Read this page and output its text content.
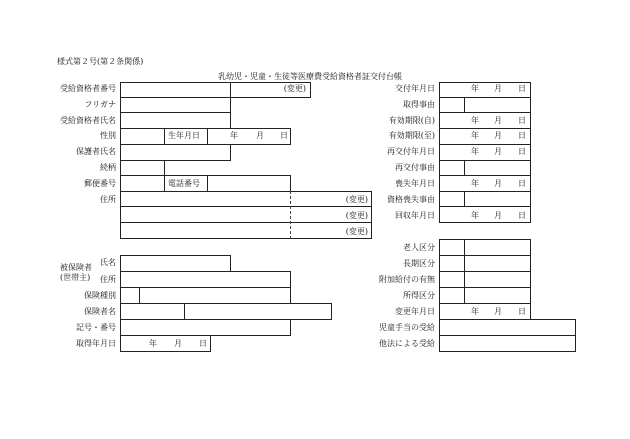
様式第２号(第２条関係)
乳幼児・児童・生徒等医療費受給資格者証交付台帳
受給資格者番号	(変更)
フリガナ
受給資格者氏名
性別	生年月日	年 月 日
保護者氏名
続柄
郵便番号	電話番号
住所	(変更)
(変更)
(変更)
被保険者
(世帯主)
氏名
住所
保険種別
保険者名
記号・番号
取得年月日	年 月 日
交付年月日	年 月 日
取得事由
有効期限(自)	年 月 日
有効期限(至)	年 月 日
再交付年月日	年 月 日
再交付事由
喪失年月日	年 月 日
資格喪失事由
回収年月日	年 月 日
老人区分
長期区分
附加給付の有無
所得区分
変更年月日	年 月 日
児童手当の受給
他法による受給
